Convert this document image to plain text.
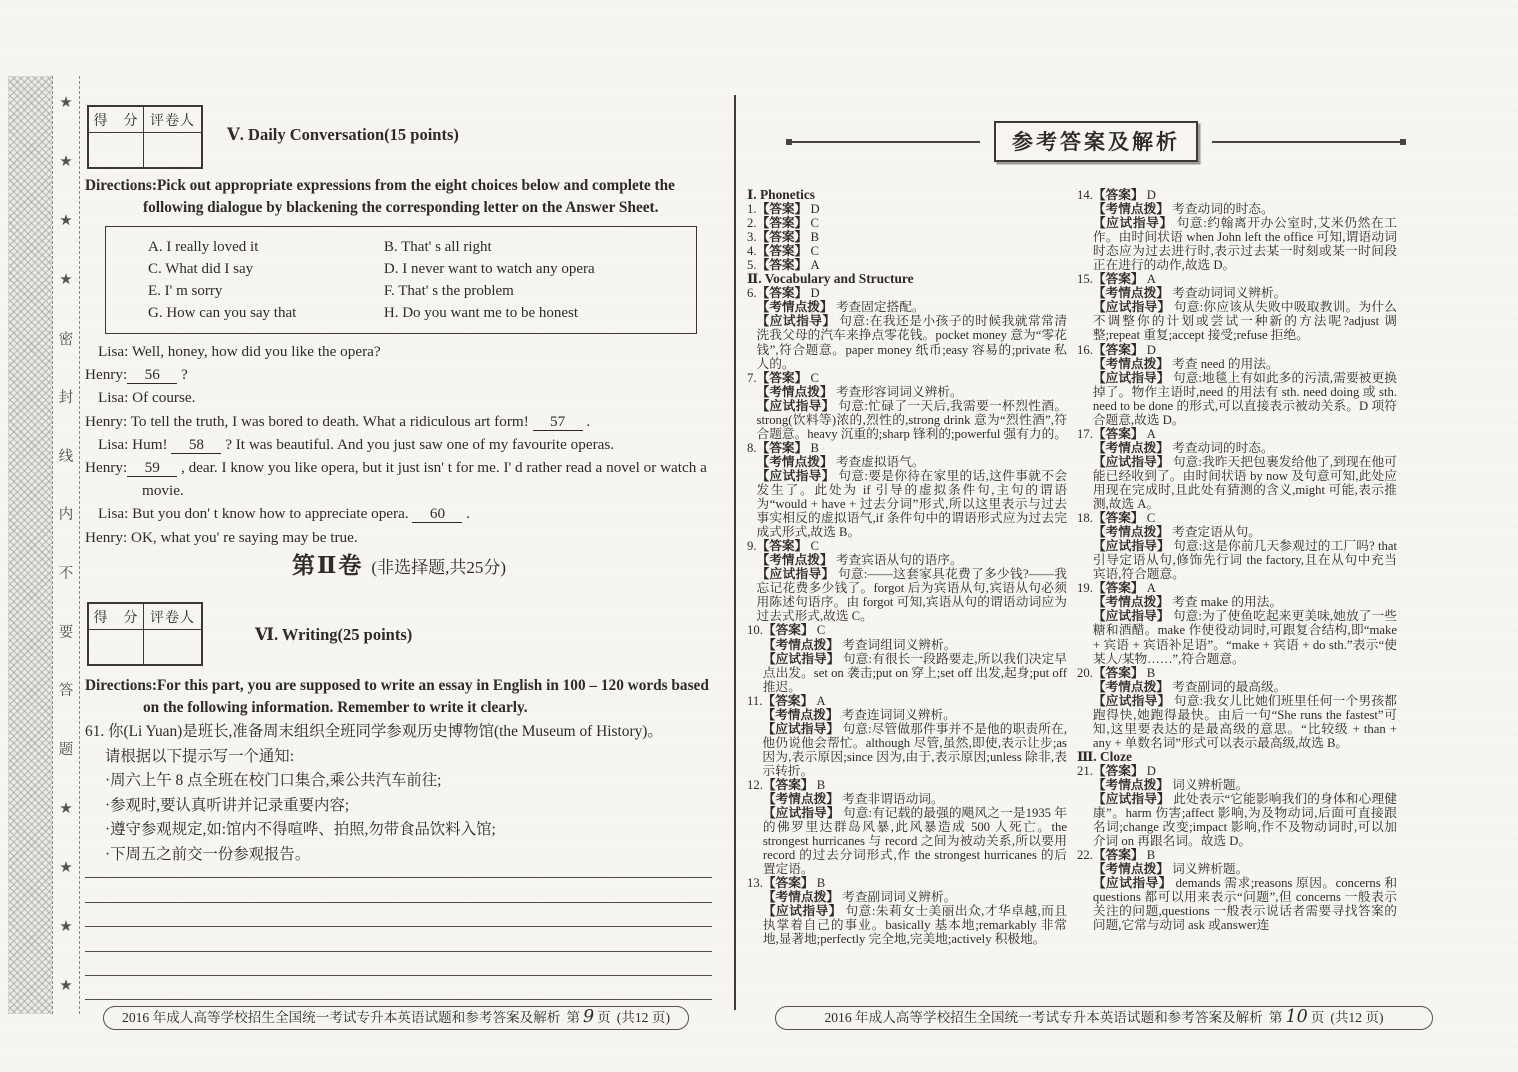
★
★
★
★
密
封
线
内
不
要
答
题
★
★
★
★
得　分 评卷人
Ⅴ. Daily Conversation(15 points)
Directions:Pick out appropriate expressions from the eight choices below and complete the following dialogue by blackening the corresponding letter on the Answer Sheet.
A. I really loved it	B. That' s all right
C. What did I say	D. I never want to watch any opera
E. I' m sorry	F. That' s the problem
G. How can you say that	H. Do you want me to be honest
Lisa: Well, honey, how did you like the opera?
Henry: 56 ?
Lisa: Of course.
Henry: To tell the truth, I was bored to death. What a ridiculous art form! 57 .
Lisa: Hum! 58 ? It was beautiful. And you just saw one of my favourite operas.
Henry: 59 , dear. I know you like opera, but it just isn' t for me. I' d rather read a novel or watch a movie.
Lisa: But you don' t know how to appreciate opera. 60 .
Henry: OK, what you' re saying may be true.
第Ⅱ卷 (非选择题,共25分)
得　分 评卷人
Ⅵ. Writing(25 points)
Directions:For this part, you are supposed to write an essay in English in 100 – 120 words based on the following information. Remember to write it clearly.
61. 你(Li Yuan)是班长,准备周末组织全班同学参观历史博物馆(the Museum of History)。
请根据以下提示写一个通知:
·周六上午 8 点全班在校门口集合,乘公共汽车前往;
·参观时,要认真听讲并记录重要内容;
·遵守参观规定,如:馆内不得喧哗、拍照,勿带食品饮料入馆;
·下周五之前交一份参观报告。
2016 年成人高等学校招生全国统一考试专升本英语试题和参考答案及解析 第 9 页 (共12 页)
参考答案及解析
Ⅰ. Phonetics
1. 【答案】 D

2. 【答案】 C

3. 【答案】 B

4. 【答案】 C

5. 【答案】 A

Ⅱ. Vocabulary and Structure
6. 【答案】 D

【考情点拨】 考查固定搭配。

【应试指导】 句意:在我还是小孩子的时候我就常常清洗我父母的汽车来挣点零花钱。pocket money 意为“零花钱”,符合题意。paper money 纸币;easy 容易的;private 私人的。

7. 【答案】 C

【考情点拨】 考查形容词词义辨析。

【应试指导】 句意:忙碌了一天后,我需要一杯烈性酒。strong(饮料等)浓的,烈性的,strong drink 意为“烈性酒”,符合题意。heavy 沉重的;sharp 锋利的;powerful 强有力的。

8. 【答案】 B

【考情点拨】 考查虚拟语气。

【应试指导】 句意:要是你待在家里的话,这件事就不会发生了。此处为 if 引导的虚拟条件句,主句的谓语为“would + have + 过去分词”形式,所以这里表示与过去事实相反的虚拟语气,if 条件句中的谓语形式应为过去完成式形式,故选 B。

9. 【答案】 C

【考情点拨】 考查宾语从句的语序。

【应试指导】 句意:——这套家具花费了多少钱?——我忘记花费多少钱了。forgot 后为宾语从句,宾语从句必须用陈述句语序。由 forgot 可知,宾语从句的谓语动词应为过去式形式,故选 C。

10. 【答案】 C

【考情点拨】 考查词组词义辨析。

【应试指导】 句意:有很长一段路要走,所以我们决定早点出发。set on 袭击;put on 穿上;set off 出发,起身;put off 推迟。

11. 【答案】 A

【考情点拨】 考查连词词义辨析。

【应试指导】 句意:尽管做那件事并不是他的职责所在,他仍说他会帮忙。although 尽管,虽然,即使,表示让步;as 因为,表示原因;since 因为,由于,表示原因;unless 除非,表示转折。

12. 【答案】 B

【考情点拨】 考查非谓语动词。

【应试指导】 句意:有记载的最强的飓风之一是1935 年的佛罗里达群岛风暴,此风暴造成 500 人死亡。the strongest hurricanes 与 record 之间为被动关系,所以要用 record 的过去分词形式,作 the strongest hurricanes 的后置定语。

13. 【答案】 B

【考情点拨】 考查副词词义辨析。

【应试指导】 句意:朱莉女士美丽出众,才华卓越,而且执掌着自己的事业。basically 基本地;remarkably 非常地,显著地;perfectly 完全地,完美地;actively 积极地。

14. 【答案】 D

【考情点拨】 考查动词的时态。

【应试指导】 句意:约翰离开办公室时,艾米仍然在工作。由时间状语 when John left the office 可知,谓语动词时态应为过去进行时,表示过去某一时刻或某一时间段正在进行的动作,故选 D。

15. 【答案】 A

【考情点拨】 考查动词词义辨析。

【应试指导】 句意:你应该从失败中吸取教训。为什么不调整你的计划或尝试一种新的方法呢?adjust 调整;repeat 重复;accept 接受;refuse 拒绝。

16. 【答案】 D

【考情点拨】 考查 need 的用法。

【应试指导】 句意:地毯上有如此多的污渍,需要被更换掉了。物作主语时,need 的用法有 sth. need doing 或 sth. need to be done 的形式,可以直接表示被动关系。D 项符合题意,故选 D。

17. 【答案】 A

【考情点拨】 考查动词的时态。

【应试指导】 句意:我昨天把包裹发给他了,到现在他可能已经收到了。由时间状语 by now 及句意可知,此处应用现在完成时,且此处有猜测的含义,might 可能,表示推测,故选 A。

18. 【答案】 C

【考情点拨】 考查定语从句。

【应试指导】 句意:这是你前几天参观过的工厂吗? that 引导定语从句,修饰先行词 the factory,且在从句中充当宾语,符合题意。

19. 【答案】 A

【考情点拨】 考查 make 的用法。

【应试指导】 句意:为了使鱼吃起来更美味,她放了一些糖和酒醋。make 作使役动词时,可跟复合结构,即“make + 宾语 + 宾语补足语”。“make + 宾语 + do sth.”表示“使某人/某物……”,符合题意。

20. 【答案】 B

【考情点拨】 考查副词的最高级。

【应试指导】 句意:我女儿比她们班里任何一个男孩都跑得快,她跑得最快。由后一句“She runs the fastest”可知,这里要表达的是最高级的意思。“比较级 + than + any + 单数名词”形式可以表示最高级,故选 B。

Ⅲ. Cloze
21. 【答案】 D

【考情点拨】 词义辨析题。

【应试指导】 此处表示“它能影响我们的身体和心理健康”。harm 伤害;affect 影响,为及物动词,后面可直接跟名词;change 改变;impact 影响,作不及物动词时,可以加介词 on 再跟名词。故选 D。

22. 【答案】 B

【考情点拨】 词义辨析题。

【应试指导】 demands 需求;reasons 原因。concerns 和 questions 都可以用来表示“问题”,但 concerns 一般表示关注的问题,questions 一般表示说话者需要寻找答案的问题,它常与动词 ask 或answer连

2016 年成人高等学校招生全国统一考试专升本英语试题和参考答案及解析 第 10 页 (共12 页)
